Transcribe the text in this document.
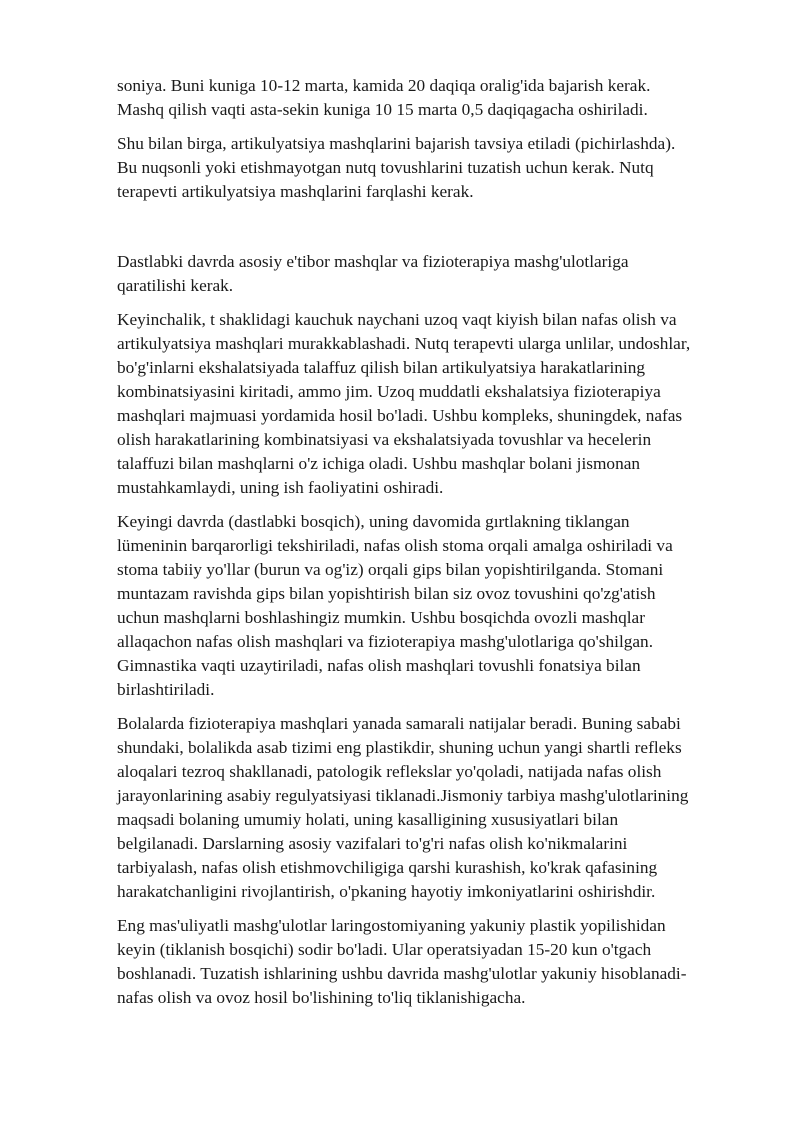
soniya. Buni kuniga 10-12 marta, kamida 20 daqiqa oralig'ida bajarish kerak.
Mashq qilish vaqti asta-sekin kuniga 10 15 marta 0,5 daqiqagacha oshiriladi.

Shu bilan birga, artikulyatsiya mashqlarini bajarish tavsiya etiladi (pichirlashda).
Bu nuqsonli yoki etishmayotgan nutq tovushlarini tuzatish uchun kerak. Nutq
terapevti artikulyatsiya mashqlarini farqlashi kerak.

Dastlabki davrda asosiy e'tibor mashqlar va fizioterapiya mashg'ulotlariga
qaratilishi kerak.

Keyinchalik, t shaklidagi kauchuk naychani uzoq vaqt kiyish bilan nafas olish va
artikulyatsiya mashqlari murakkablashadi. Nutq terapevti ularga unlilar, undoshlar,
bo'g'inlarni ekshalatsiyada talaffuz qilish bilan artikulyatsiya harakatlarining
kombinatsiyasini kiritadi, ammo jim. Uzoq muddatli ekshalatsiya fizioterapiya
mashqlari majmuasi yordamida hosil bo'ladi. Ushbu kompleks, shuningdek, nafas
olish harakatlarining kombinatsiyasi va ekshalatsiyada tovushlar va hecelerin
talaffuzi bilan mashqlarni o'z ichiga oladi. Ushbu mashqlar bolani jismonan
mustahkamlaydi, uning ish faoliyatini oshiradi.

Keyingi davrda (dastlabki bosqich), uning davomida gırtlakning tiklangan
lümeninin barqarorligi tekshiriladi, nafas olish stoma orqali amalga oshiriladi va
stoma tabiiy yo'llar (burun va og'iz) orqali gips bilan yopishtirilganda. Stomani
muntazam ravishda gips bilan yopishtirish bilan siz ovoz tovushini qo'zg'atish
uchun mashqlarni boshlashingiz mumkin. Ushbu bosqichda ovozli mashqlar
allaqachon nafas olish mashqlari va fizioterapiya mashg'ulotlariga qo'shilgan.
Gimnastika vaqti uzaytiriladi, nafas olish mashqlari tovushli fonatsiya bilan
birlashtiriladi.

Bolalarda fizioterapiya mashqlari yanada samarali natijalar beradi. Buning sababi
shundaki, bolalikda asab tizimi eng plastikdir, shuning uchun yangi shartli refleks
aloqalari tezroq shakllanadi, patologik reflekslar yo'qoladi, natijada nafas olish
jarayonlarining asabiy regulyatsiyasi tiklanadi.Jismoniy tarbiya mashg'ulotlarining
maqsadi bolaning umumiy holati, uning kasalligining xususiyatlari bilan
belgilanadi. Darslarning asosiy vazifalari to'g'ri nafas olish ko'nikmalarini
tarbiyalash, nafas olish etishmovchiligiga qarshi kurashish, ko'krak qafasining
harakatchanligini rivojlantirish, o'pkaning hayotiy imkoniyatlarini oshirishdir.

Eng mas'uliyatli mashg'ulotlar laringostomiyaning yakuniy plastik yopilishidan
keyin (tiklanish bosqichi) sodir bo'ladi. Ular operatsiyadan 15-20 kun o'tgach
boshlanadi. Tuzatish ishlarining ushbu davrida mashg'ulotlar yakuniy hisoblanadi-
nafas olish va ovoz hosil bo'lishining to'liq tiklanishigacha.
